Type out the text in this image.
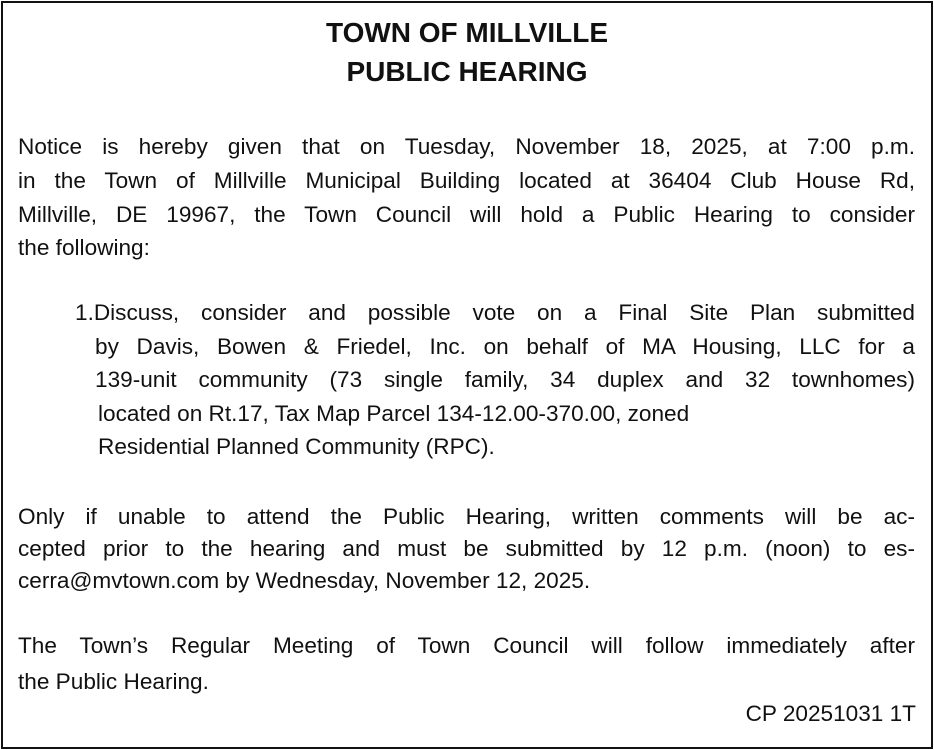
TOWN OF MILLVILLE
PUBLIC HEARING
Notice is hereby given that on Tuesday, November 18, 2025, at 7:00 p.m.
in the Town of Millville Municipal Building located at 36404 Club House Rd,
Millville, DE 19967, the Town Council will hold a Public Hearing to consider
the following:
1.Discuss, consider and possible vote on a Final Site Plan submitted
by Davis, Bowen & Friedel, Inc. on behalf of MA Housing, LLC for a
139-unit community (73 single family, 34 duplex and 32 townhomes)
located on Rt.17, Tax Map Parcel 134-12.00-370.00, zoned
Residential Planned Community (RPC).
Only if unable to attend the Public Hearing, written comments will be ac-
cepted prior to the hearing and must be submitted by 12 p.m. (noon) to es-
cerra@mvtown.com by Wednesday, November 12, 2025.
The Town’s Regular Meeting of Town Council will follow immediately after
the Public Hearing.
CP 20251031 1T
